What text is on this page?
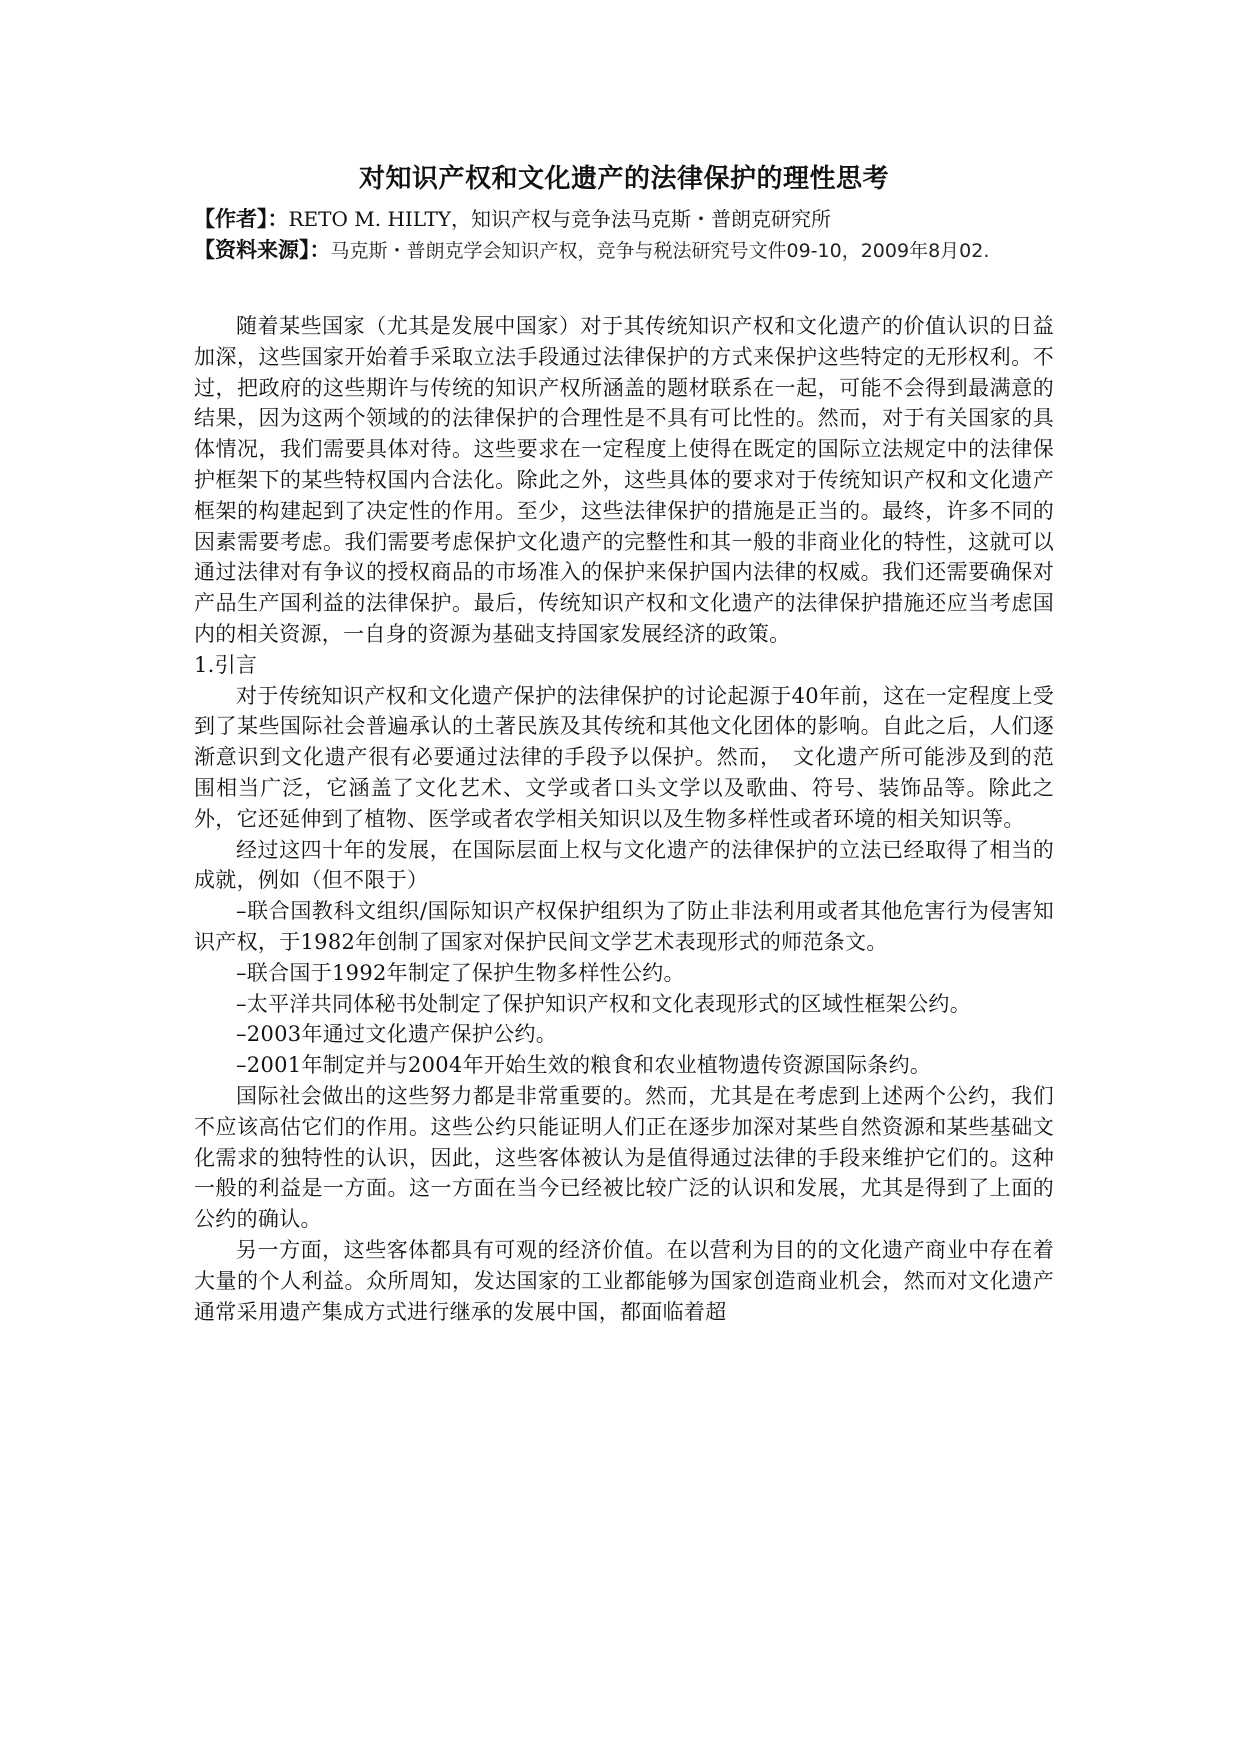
对知识产权和文化遗产的法律保护的理性思考

【作者】：RETO M. HILTY，知识产权与竞争法马克斯・普朗克研究所

【资料来源】：马克斯・普朗克学会知识产权，竞争与税法研究号文件09-10，2009年8月02.

随着某些国家（尤其是发展中国家）对于其传统知识产权和文化遗产的价值认识的日益加深，这些国家开始着手采取立法手段通过法律保护的方式来保护这些特定的无形权利。不过，把政府的这些期许与传统的知识产权所涵盖的题材联系在一起，可能不会得到最满意的结果，因为这两个领域的的法律保护的合理性是不具有可比性的。然而，对于有关国家的具体情况，我们需要具体对待。这些要求在一定程度上使得在既定的国际立法规定中的法律保护框架下的某些特权国内合法化。除此之外，这些具体的要求对于传统知识产权和文化遗产框架的构建起到了决定性的作用。至少，这些法律保护的措施是正当的。最终，许多不同的因素需要考虑。我们需要考虑保护文化遗产的完整性和其一般的非商业化的特性，这就可以通过法律对有争议的授权商品的市场准入的保护来保护国内法律的权威。我们还需要确保对产品生产国利益的法律保护。最后，传统知识产权和文化遗产的法律保护措施还应当考虑国内的相关资源，一自身的资源为基础支持国家发展经济的政策。

1.引言

对于传统知识产权和文化遗产保护的法律保护的讨论起源于40年前，这在一定程度上受到了某些国际社会普遍承认的土著民族及其传统和其他文化团体的影响。自此之后，人们逐渐意识到文化遗产很有必要通过法律的手段予以保护。然而，　文化遗产所可能涉及到的范围相当广泛，它涵盖了文化艺术、文学或者口头文学以及歌曲、符号、装饰品等。除此之外，它还延伸到了植物、医学或者农学相关知识以及生物多样性或者环境的相关知识等。

经过这四十年的发展，在国际层面上权与文化遗产的法律保护的立法已经取得了相当的成就，例如（但不限于）

–联合国教科文组织/国际知识产权保护组织为了防止非法利用或者其他危害行为侵害知识产权，于1982年创制了国家对保护民间文学艺术表现形式的师范条文。

–联合国于1992年制定了保护生物多样性公约。

–太平洋共同体秘书处制定了保护知识产权和文化表现形式的区域性框架公约。

–2003年通过文化遗产保护公约。

–2001年制定并与2004年开始生效的粮食和农业植物遗传资源国际条约。

国际社会做出的这些努力都是非常重要的。然而，尤其是在考虑到上述两个公约，我们不应该高估它们的作用。这些公约只能证明人们正在逐步加深对某些自然资源和某些基础文化需求的独特性的认识，因此，这些客体被认为是值得通过法律的手段来维护它们的。这种一般的利益是一方面。这一方面在当今已经被比较广泛的认识和发展，尤其是得到了上面的公约的确认。

另一方面，这些客体都具有可观的经济价值。在以营利为目的的文化遗产商业中存在着大量的个人利益。众所周知，发达国家的工业都能够为国家创造商业机会，然而对文化遗产通常采用遗产集成方式进行继承的发展中国，都面临着超
